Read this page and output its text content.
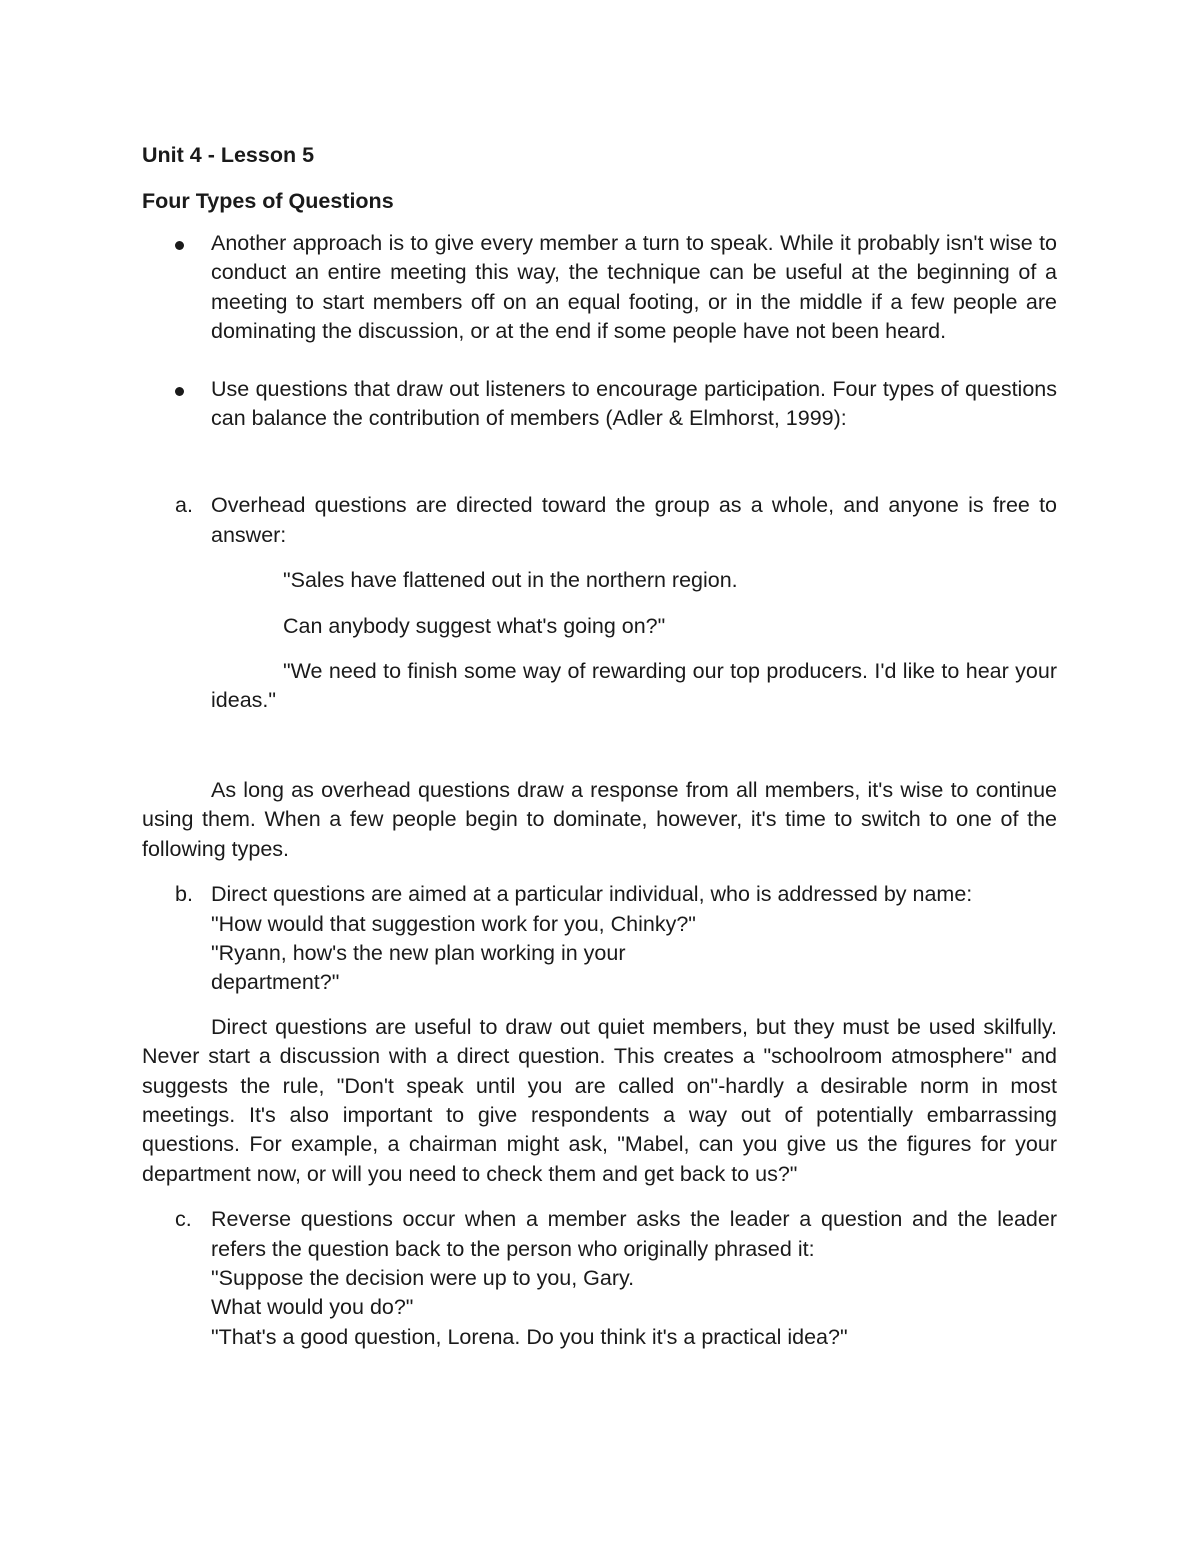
Unit 4 - Lesson 5
Four Types of Questions
Another approach is to give every member a turn to speak. While it probably isn't wise to conduct an entire meeting this way, the technique can be useful at the beginning of a meeting to start members off on an equal footing, or in the middle if a few people are dominating the discussion, or at the end if some people have not been heard.
Use questions that draw out listeners to encourage participation. Four types of questions can balance the contribution of members (Adler & Elmhorst, 1999):
a. Overhead questions are directed toward the group as a whole, and anyone is free to answer:
"Sales have flattened out in the northern region.
Can anybody suggest what's going on?"
"We need to finish some way of rewarding our top producers. I'd like to hear your ideas."
As long as overhead questions draw a response from all members, it's wise to continue using them. When a few people begin to dominate, however, it's time to switch to one of the following types.
b. Direct questions are aimed at a particular individual, who is addressed by name:
"How would that suggestion work for you, Chinky?"
"Ryann, how's the new plan working in your
department?"
Direct questions are useful to draw out quiet members, but they must be used skilfully. Never start a discussion with a direct question. This creates a "schoolroom atmosphere" and suggests the rule, "Don't speak until you are called on"-hardly a desirable norm in most meetings. It's also important to give respondents a way out of potentially embarrassing questions. For example, a chairman might ask, "Mabel, can you give us the figures for your department now, or will you need to check them and get back to us?"
c. Reverse questions occur when a member asks the leader a question and the leader refers the question back to the person who originally phrased it:
"Suppose the decision were up to you, Gary.
What would you do?"
"That's a good question, Lorena. Do you think it's a practical idea?"
